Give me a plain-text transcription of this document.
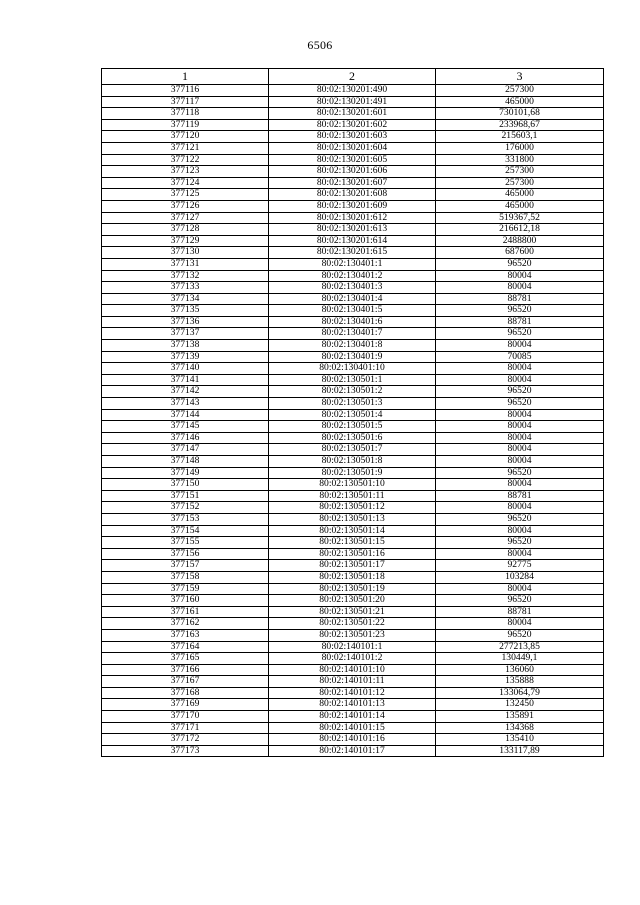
6506
1	2	3
377116	80:02:130201:490	257300
377117	80:02:130201:491	465000
377118	80:02:130201:601	730101,68
377119	80:02:130201:602	233968,67
377120	80:02:130201:603	215603,1
377121	80:02:130201:604	176000
377122	80:02:130201:605	331800
377123	80:02:130201:606	257300
377124	80:02:130201:607	257300
377125	80:02:130201:608	465000
377126	80:02:130201:609	465000
377127	80:02:130201:612	519367,52
377128	80:02:130201:613	216612,18
377129	80:02:130201:614	2488800
377130	80:02:130201:615	687600
377131	80:02:130401:1	96520
377132	80:02:130401:2	80004
377133	80:02:130401:3	80004
377134	80:02:130401:4	88781
377135	80:02:130401:5	96520
377136	80:02:130401:6	88781
377137	80:02:130401:7	96520
377138	80:02:130401:8	80004
377139	80:02:130401:9	70085
377140	80:02:130401:10	80004
377141	80:02:130501:1	80004
377142	80:02:130501:2	96520
377143	80:02:130501:3	96520
377144	80:02:130501:4	80004
377145	80:02:130501:5	80004
377146	80:02:130501:6	80004
377147	80:02:130501:7	80004
377148	80:02:130501:8	80004
377149	80:02:130501:9	96520
377150	80:02:130501:10	80004
377151	80:02:130501:11	88781
377152	80:02:130501:12	80004
377153	80:02:130501:13	96520
377154	80:02:130501:14	80004
377155	80:02:130501:15	96520
377156	80:02:130501:16	80004
377157	80:02:130501:17	92775
377158	80:02:130501:18	103284
377159	80:02:130501:19	80004
377160	80:02:130501:20	96520
377161	80:02:130501:21	88781
377162	80:02:130501:22	80004
377163	80:02:130501:23	96520
377164	80:02:140101:1	277213,85
377165	80:02:140101:2	130449,1
377166	80:02:140101:10	136060
377167	80:02:140101:11	135888
377168	80:02:140101:12	133064,79
377169	80:02:140101:13	132450
377170	80:02:140101:14	135891
377171	80:02:140101:15	134368
377172	80:02:140101:16	135410
377173	80:02:140101:17	133117,89
